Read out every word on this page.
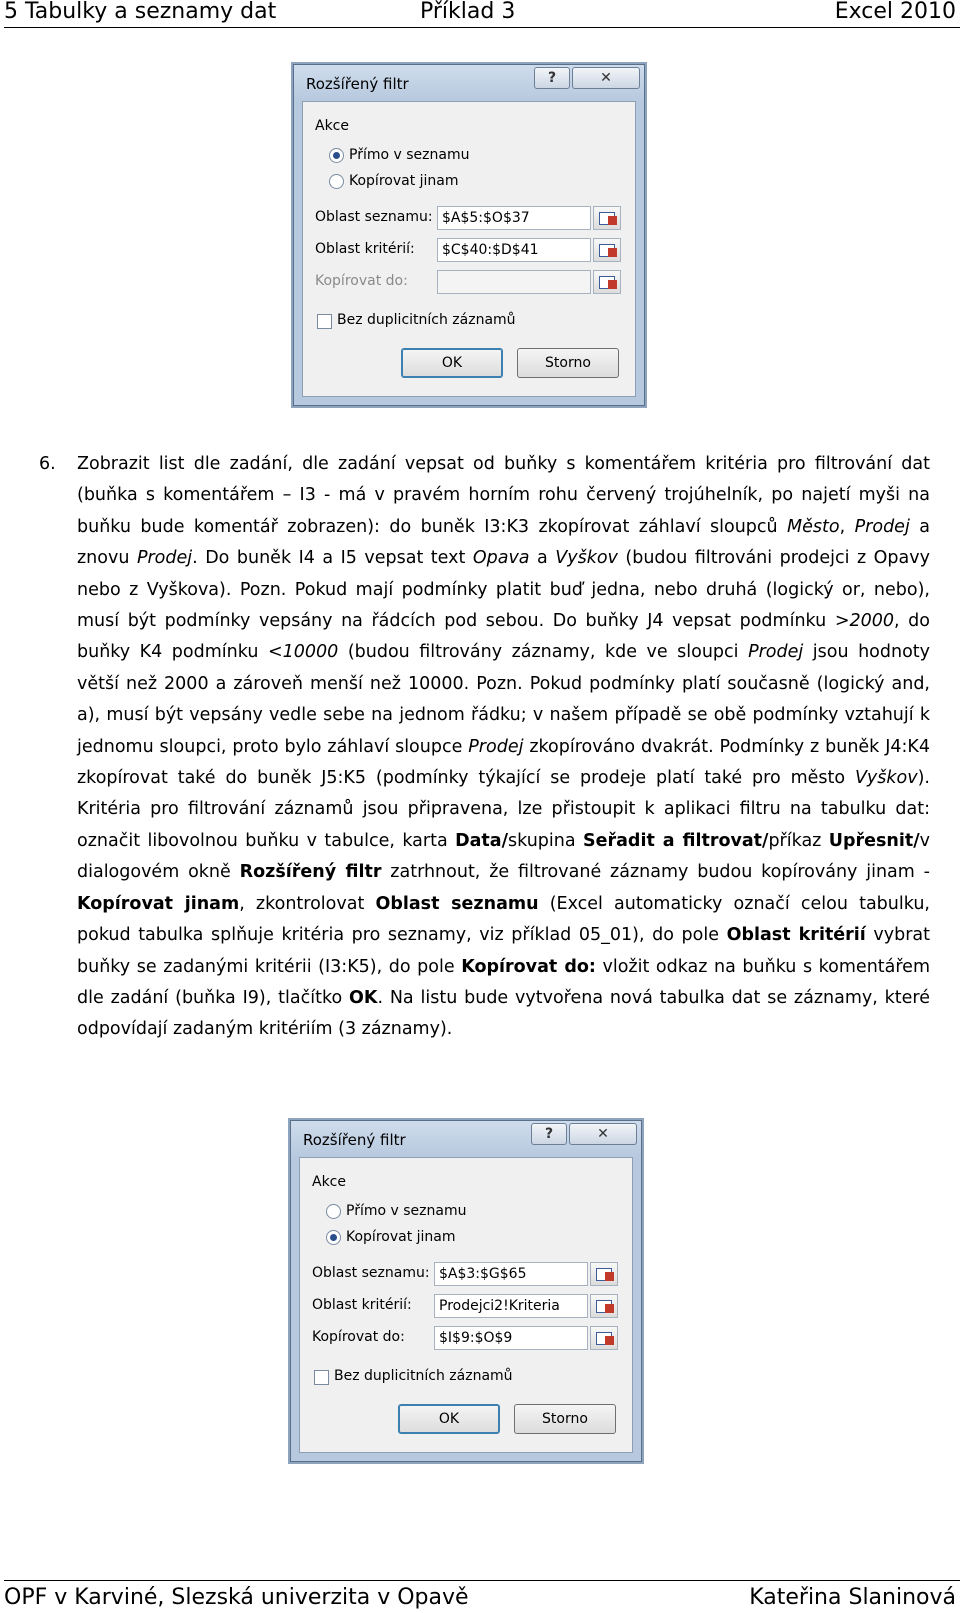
5 Tabulky a seznamy dat	Příklad 3	Excel 2010
Rozšířený filtr	?	✕
Akce
Přímo v seznamu
Kopírovat jinam
Oblast seznamu: $A$5:$O$37
Oblast kritérií:	$C$40:$D$41
Kopírovat do:
Bez duplicitních záznamů
OK	Storno
6. Zobrazit list dle zadání, dle zadání vepsat od buňky s komentářem kritéria pro filtrování dat (buňka s komentářem – I3 - má v pravém horním rohu červený trojúhelník, po najetí myši na buňku bude komentář zobrazen): do buněk I3:K3 zkopírovat záhlaví sloupců Město, Prodej a znovu Prodej. Do buněk I4 a I5 vepsat text Opava a Vyškov (budou filtrováni prodejci z Opavy nebo z Vyškova). Pozn. Pokud mají podmínky platit buď jedna, nebo druhá (logický or, nebo), musí být podmínky vepsány na řádcích pod sebou. Do buňky J4 vepsat podmínku >2000, do buňky K4 podmínku <10000 (budou filtrovány záznamy, kde ve sloupci Prodej jsou hodnoty větší než 2000 a zároveň menší než 10000. Pozn. Pokud podmínky platí současně (logický and, a), musí být vepsány vedle sebe na jednom řádku; v našem případě se obě podmínky vztahují k jednomu sloupci, proto bylo záhlaví sloupce Prodej zkopírováno dvakrát. Podmínky z buněk J4:K4 zkopírovat také do buněk J5:K5 (podmínky týkající se prodeje platí také pro město Vyškov). Kritéria pro filtrování záznamů jsou připravena, lze přistoupit k aplikaci filtru na tabulku dat: označit libovolnou buňku v tabulce, karta Data/skupina Seřadit a filtrovat/příkaz Upřesnit/v dialogovém okně Rozšířený filtr zatrhnout, že filtrované záznamy budou kopírovány jinam - Kopírovat jinam, zkontrolovat Oblast seznamu (Excel automaticky označí celou tabulku, pokud tabulka splňuje kritéria pro seznamy, viz příklad 05_01), do pole Oblast kritérií vybrat buňky se zadanými kritérii (I3:K5), do pole Kopírovat do: vložit odkaz na buňku s komentářem dle zadání (buňka I9), tlačítko OK. Na listu bude vytvořena nová tabulka dat se záznamy, které odpovídají zadaným kritériím (3 záznamy).
Rozšířený filtr	?	✕
Akce
Přímo v seznamu
Kopírovat jinam
Oblast seznamu: $A$3:$G$65
Oblast kritérií:	Prodejci2!Kriteria
Kopírovat do:	$I$9:$O$9
Bez duplicitních záznamů
OK	Storno
OPF v Karviné, Slezská univerzita v Opavě	Kateřina Slaninová
